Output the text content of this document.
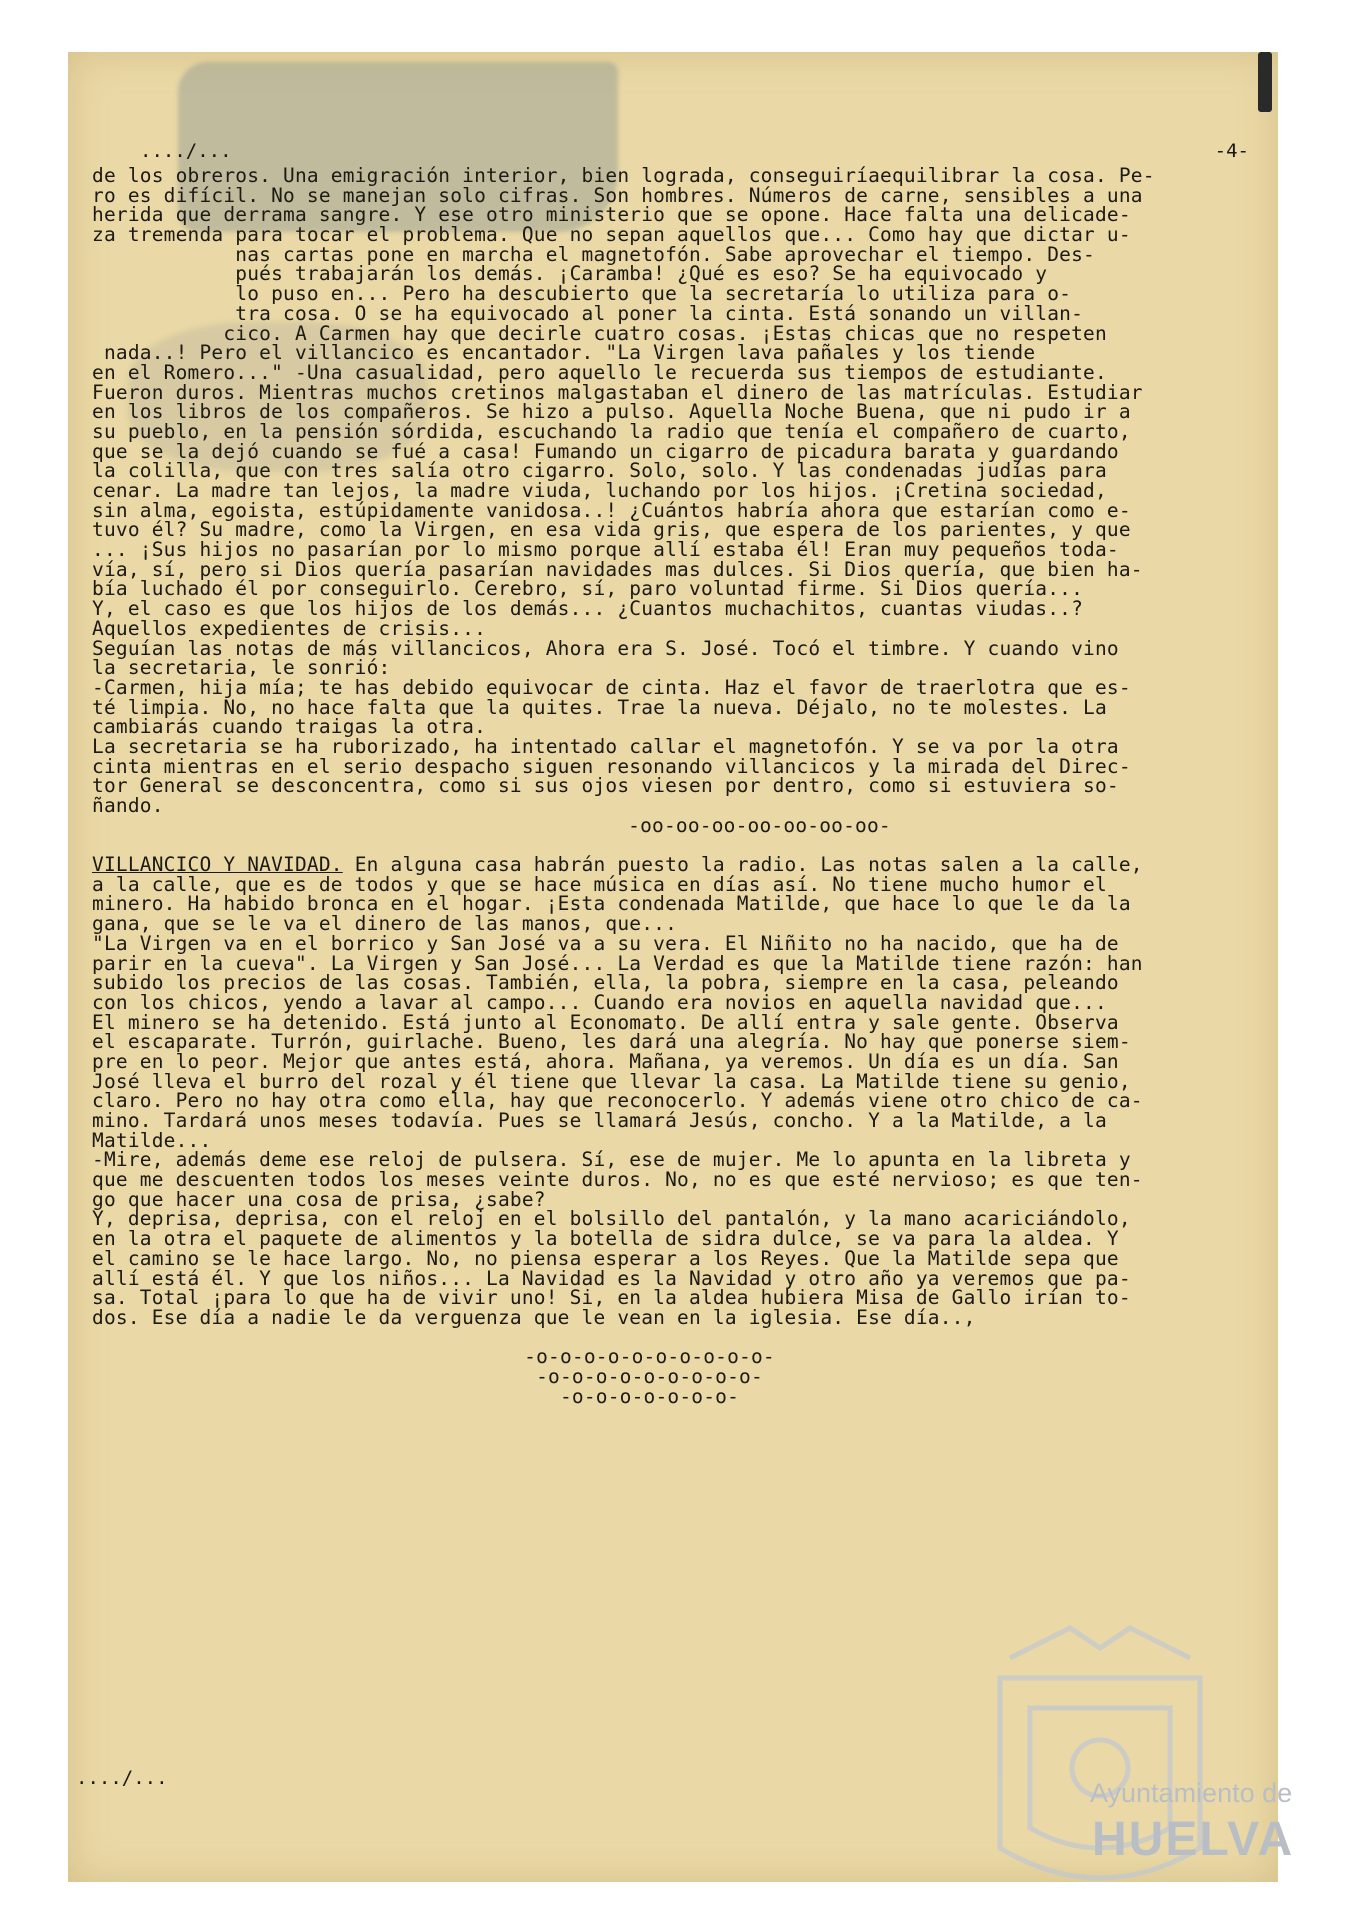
..../...	-4-
de los obreros. Una emigración interior, bien lograda, conseguiríaequilibrar la cosa. Pe-
ro es difícil. No se manejan solo cifras. Son hombres. Números de carne, sensibles a una
herida que derrama sangre. Y ese otro ministerio que se opone. Hace falta una delicade-
za tremenda para tocar el problema. Que no sepan aquellos que... Como hay que dictar u-
nas cartas pone en marcha el magnetofón. Sabe aprovechar el tiempo. Des-
pués trabajarán los demás. ¡Caramba! ¿Qué es eso? Se ha equivocado y
lo puso en... Pero ha descubierto que la secretaría lo utiliza para o-
tra cosa. O se ha equivocado al poner la cinta. Está sonando un villan-
cico. A Carmen hay que decirle cuatro cosas. ¡Estas chicas que no respeten
nada..! Pero el villancico es encantador. "La Virgen lava pañales y los tiende
en el Romero..." -Una casualidad, pero aquello le recuerda sus tiempos de estudiante.
Fueron duros. Mientras muchos cretinos malgastaban el dinero de las matrículas. Estudiar
en los libros de los compañeros. Se hizo a pulso. Aquella Noche Buena, que ni pudo ir a
su pueblo, en la pensión sórdida, escuchando la radio que tenía el compañero de cuarto,
que se la dejó cuando se fué a casa! Fumando un cigarro de picadura barata y guardando
la colilla, que con tres salía otro cigarro. Solo, solo. Y las condenadas judías para
cenar. La madre tan lejos, la madre viuda, luchando por los hijos. ¡Cretina sociedad,
sin alma, egoista, estúpidamente vanidosa..! ¿Cuántos habría ahora que estarían como e-
tuvo él? Su madre, como la Virgen, en esa vida gris, que espera de los parientes, y que
... ¡Sus hijos no pasarían por lo mismo porque allí estaba él! Eran muy pequeños toda-
vía, sí, pero si Dios quería pasarían navidades mas dulces. Si Dios quería, que bien ha-
bía luchado él por conseguirlo. Cerebro, sí, paro voluntad firme. Si Dios quería...
Y, el caso es que los hijos de los demás... ¿Cuantos muchachitos, cuantas viudas..?
Aquellos expedientes de crisis...
Seguían las notas de más villancicos, Ahora era S. José. Tocó el timbre. Y cuando vino
la secretaria, le sonrió:
-Carmen, hija mía; te has debido equivocar de cinta. Haz el favor de traerlotra que es-
té limpia. No, no hace falta que la quites. Trae la nueva. Déjalo, no te molestes. La
cambiarás cuando traigas la otra.
La secretaria se ha ruborizado, ha intentado callar el magnetofón. Y se va por la otra
cinta mientras en el serio despacho siguen resonando villancicos y la mirada del Direc-
tor General se desconcentra, como si sus ojos viesen por dentro, como si estuviera so-
ñando.
-oo-oo-oo-oo-oo-oo-oo-
VILLANCICO Y NAVIDAD. En alguna casa habrán puesto la radio. Las notas salen a la calle,
a la calle, que es de todos y que se hace música en días así. No tiene mucho humor el
minero. Ha habido bronca en el hogar. ¡Esta condenada Matilde, que hace lo que le da la
gana, que se le va el dinero de las manos, que...
"La Virgen va en el borrico y San José va a su vera. El Niñito no ha nacido, que ha de
parir en la cueva". La Virgen y San José... La Verdad es que la Matilde tiene razón: han
subido los precios de las cosas. También, ella, la pobra, siempre en la casa, peleando
con los chicos, yendo a lavar al campo... Cuando era novios en aquella navidad que...
El minero se ha detenido. Está junto al Economato. De allí entra y sale gente. Observa
el escaparate. Turrón, guirlache. Bueno, les dará una alegría. No hay que ponerse siem-
pre en lo peor. Mejor que antes está, ahora. Mañana, ya veremos. Un día es un día. San
José lleva el burro del rozal y él tiene que llevar la casa. La Matilde tiene su genio,
claro. Pero no hay otra como ella, hay que reconocerlo. Y además viene otro chico de ca-
mino. Tardará unos meses todavía. Pues se llamará Jesús, concho. Y a la Matilde, a la
Matilde...
-Mire, además deme ese reloj de pulsera. Sí, ese de mujer. Me lo apunta en la libreta y
que me descuenten todos los meses veinte duros. No, no es que esté nervioso; es que ten-
go que hacer una cosa de prisa, ¿sabe?
Y, deprisa, deprisa, con el reloj en el bolsillo del pantalón, y la mano acariciándolo,
en la otra el paquete de alimentos y la botella de sidra dulce, se va para la aldea. Y
el camino se le hace largo. No, no piensa esperar a los Reyes. Que la Matilde sepa que
allí está él. Y que los niños... La Navidad es la Navidad y otro año ya veremos que pa-
sa. Total ¡para lo que ha de vivir uno! Si, en la aldea hubiera Misa de Gallo irían to-
dos. Ese día a nadie le da verguenza que le vean en la iglesia. Ese día..,
-o-o-o-o-o-o-o-o-o-o-
-o-o-o-o-o-o-o-o-o-
-o-o-o-o-o-o-o-
..../...	Ayuntamiento de
HUELVA
